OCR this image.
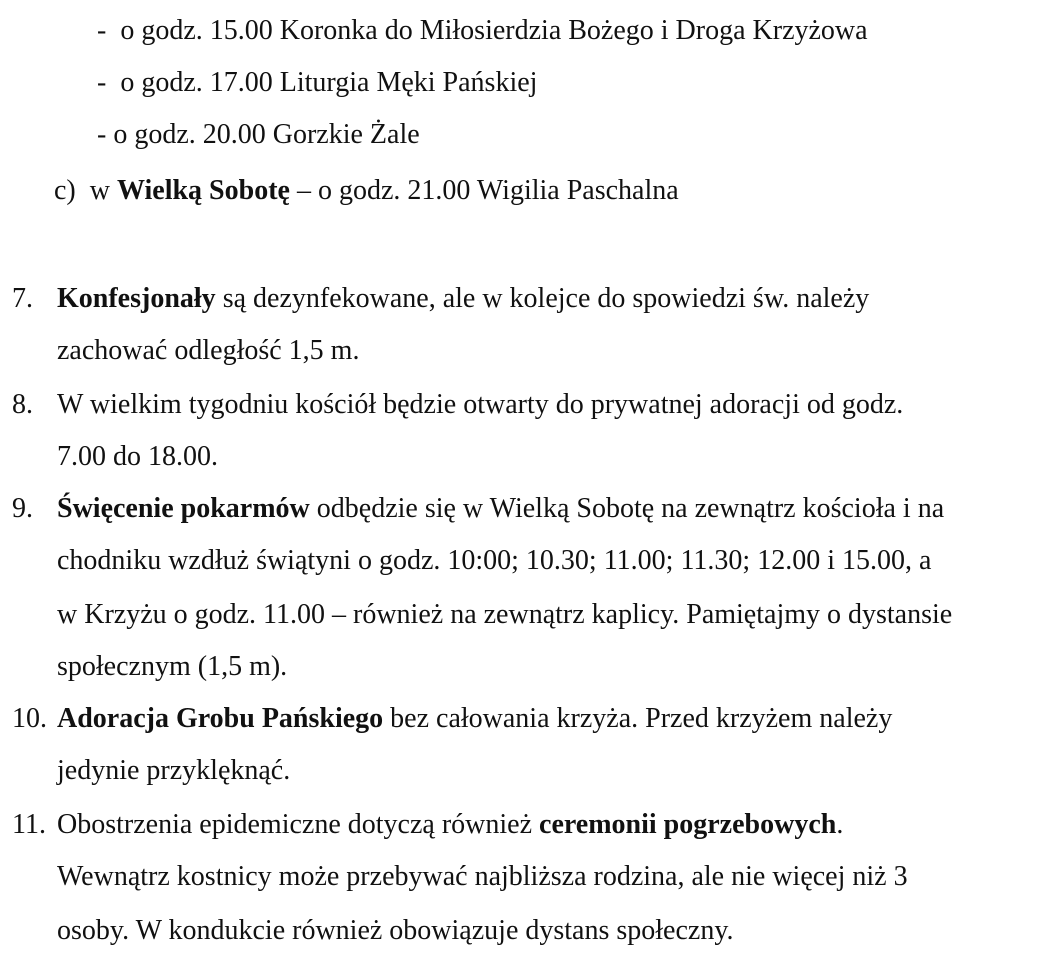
- o godz. 15.00 Koronka do Miłosierdzia Bożego i Droga Krzyżowa
- o godz. 17.00 Liturgia Męki Pańskiej
- o godz. 20.00 Gorzkie Żale
c) w Wielką Sobotę – o godz. 21.00 Wigilia Paschalna
7. Konfesjonały są dezynfekowane, ale w kolejce do spowiedzi św. należy
zachować odległość 1,5 m.
8. W wielkim tygodniu kościół będzie otwarty do prywatnej adoracji od godz.
7.00 do 18.00.
9. Święcenie pokarmów odbędzie się w Wielką Sobotę na zewnątrz kościoła i na
chodniku wzdłuż świątyni o godz. 10:00; 10.30; 11.00; 11.30; 12.00 i 15.00, a
w Krzyżu o godz. 11.00 – również na zewnątrz kaplicy. Pamiętajmy o dystansie
społecznym (1,5 m).
10. Adoracja Grobu Pańskiego bez całowania krzyża. Przed krzyżem należy
jedynie przyklęknąć.
11. Obostrzenia epidemiczne dotyczą również ceremonii pogrzebowych.
Wewnątrz kostnicy może przebywać najbliższa rodzina, ale nie więcej niż 3
osoby. W kondukcie również obowiązuje dystans społeczny.
